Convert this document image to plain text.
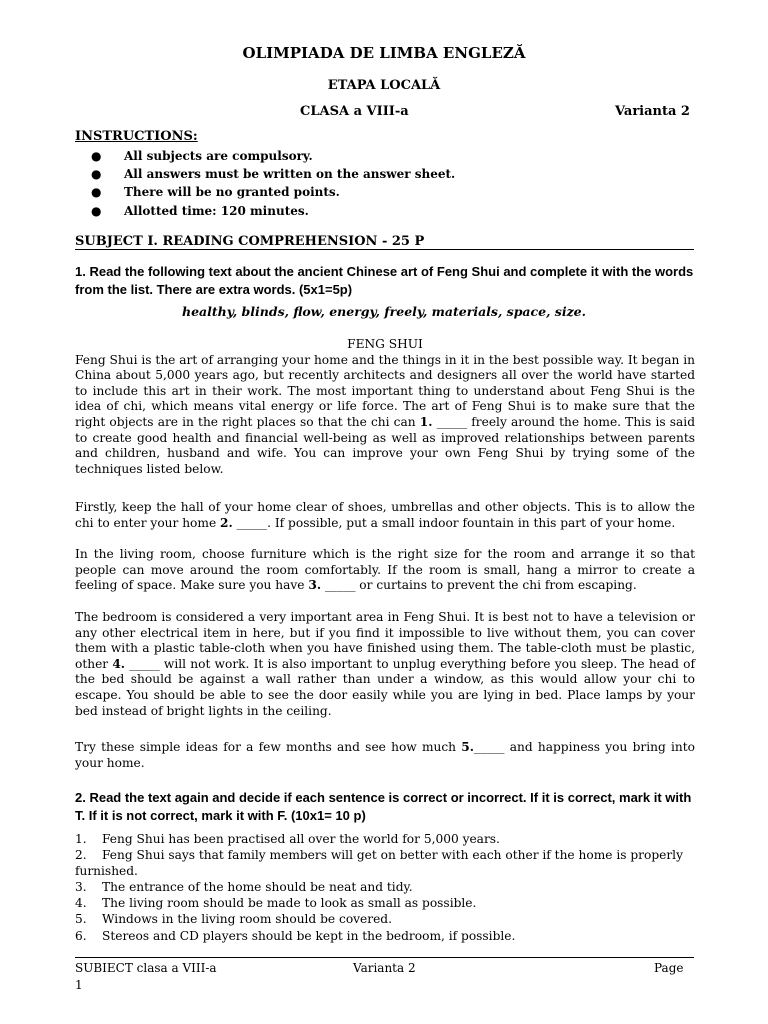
OLIMPIADA DE LIMBA ENGLEZĂ
ETAPA LOCALĂ
CLASA a VIII-a	Varianta 2
INSTRUCTIONS:
● All subjects are compulsory.
● All answers must be written on the answer sheet.
● There will be no granted points.
● Allotted time: 120 minutes.
SUBJECT I. READING COMPREHENSION - 25 P
1. Read the following text about the ancient Chinese art of Feng Shui and complete it with the words from the list. There are extra words. (5x1=5p)
healthy, blinds, flow, energy, freely, materials, space, size.

FENG SHUI

Feng Shui is the art of arranging your home and the things in it in the best possible way. It began in China about 5,000 years ago, but recently architects and designers all over the world have started to include this art in their work. The most important thing to understand about Feng Shui is the idea of chi, which means vital energy or life force. The art of Feng Shui is to make sure that the right objects are in the right places so that the chi can 1. _____ freely around the home. This is said to create good health and financial well-being as well as improved relationships between parents and children, husband and wife. You can improve your own Feng Shui by trying some of the techniques listed below.

Firstly, keep the hall of your home clear of shoes, umbrellas and other objects. This is to allow the chi to enter your home 2. _____. If possible, put a small indoor fountain in this part of your home.

In the living room, choose furniture which is the right size for the room and arrange it so that people can move around the room comfortably. If the room is small, hang a mirror to create a feeling of space. Make sure you have 3. _____ or curtains to prevent the chi from escaping.

The bedroom is considered a very important area in Feng Shui. It is best not to have a television or any other electrical item in here, but if you find it impossible to live without them, you can cover them with a plastic table-cloth when you have finished using them. The table-cloth must be plastic, other 4. _____ will not work. It is also important to unplug everything before you sleep. The head of the bed should be against a wall rather than under a window, as this would allow your chi to escape. You should be able to see the door easily while you are lying in bed. Place lamps by your bed instead of bright lights in the ceiling.

Try these simple ideas for a few months and see how much 5._____ and happiness you bring into your home.

2. Read the text again and decide if each sentence is correct or incorrect. If it is correct, mark it with T. If it is not correct, mark it with F. (10x1= 10 p)
1. Feng Shui has been practised all over the world for 5,000 years.
2. Feng Shui says that family members will get on better with each other if the home is properly furnished.
3. The entrance of the home should be neat and tidy.
4. The living room should be made to look as small as possible.
5. Windows in the living room should be covered.
6. Stereos and CD players should be kept in the bedroom, if possible.
SUBIECT clasa a VIII-a	Varianta 2	Page
1
